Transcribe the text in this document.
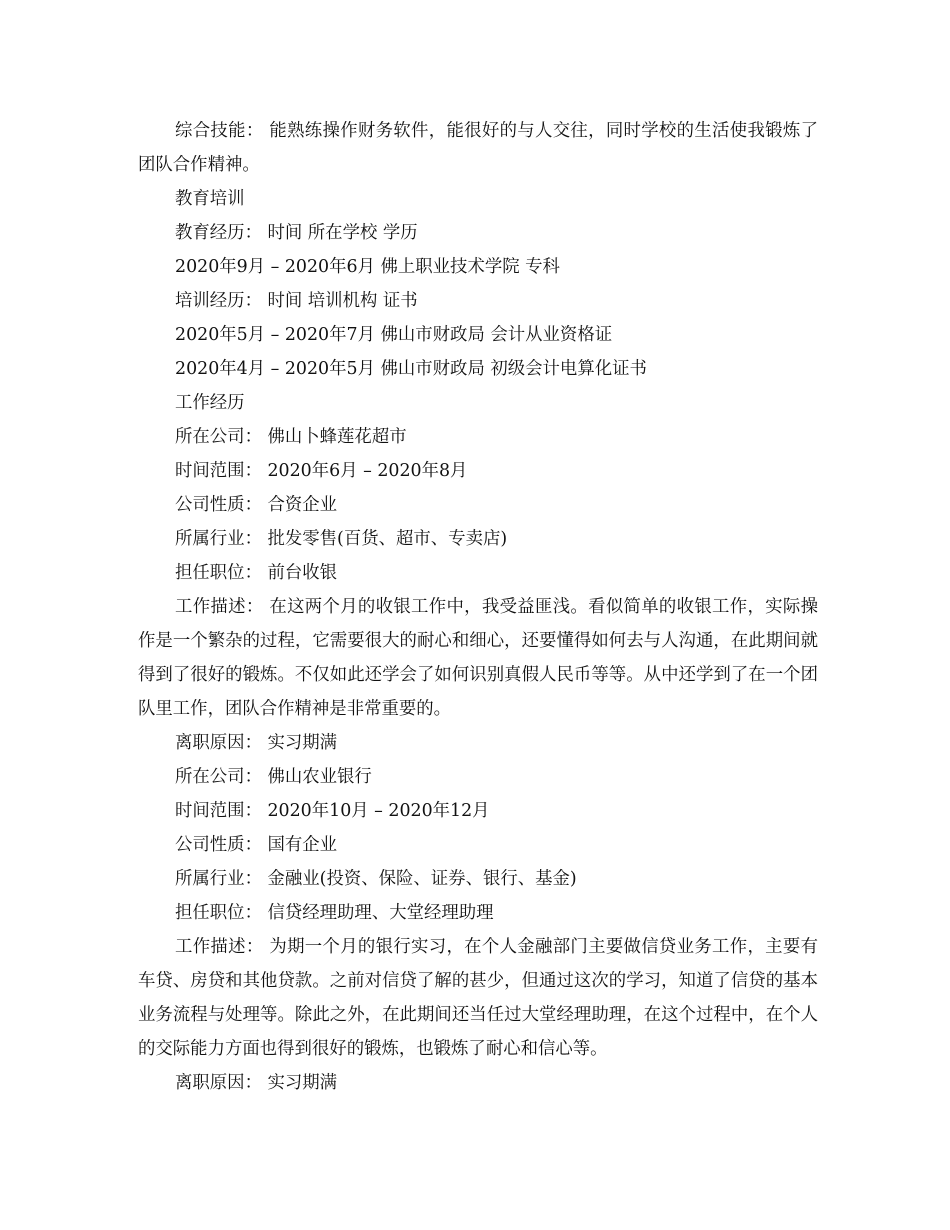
综合技能： 能熟练操作财务软件，能很好的与人交往，同时学校的生活使我锻炼了团队合作精神。

教育培训

教育经历： 时间 所在学校 学历

2020年9月 – 2020年6月 佛上职业技术学院 专科

培训经历： 时间 培训机构 证书

2020年5月 – 2020年7月 佛山市财政局 会计从业资格证

2020年4月 – 2020年5月 佛山市财政局 初级会计电算化证书

工作经历

所在公司： 佛山卜蜂莲花超市

时间范围： 2020年6月 – 2020年8月

公司性质： 合资企业

所属行业： 批发零售(百货、超市、专卖店)

担任职位： 前台收银

工作描述： 在这两个月的收银工作中，我受益匪浅。看似简单的收银工作，实际操作是一个繁杂的过程，它需要很大的耐心和细心，还要懂得如何去与人沟通，在此期间就得到了很好的锻炼。不仅如此还学会了如何识别真假人民币等等。从中还学到了在一个团队里工作，团队合作精神是非常重要的。

离职原因： 实习期满

所在公司： 佛山农业银行

时间范围： 2020年10月 – 2020年12月

公司性质： 国有企业

所属行业： 金融业(投资、保险、证券、银行、基金)

担任职位： 信贷经理助理、大堂经理助理

工作描述： 为期一个月的银行实习，在个人金融部门主要做信贷业务工作，主要有车贷、房贷和其他贷款。之前对信贷了解的甚少，但通过这次的学习，知道了信贷的基本业务流程与处理等。除此之外，在此期间还当任过大堂经理助理，在这个过程中，在个人的交际能力方面也得到很好的锻炼，也锻炼了耐心和信心等。

离职原因： 实习期满
